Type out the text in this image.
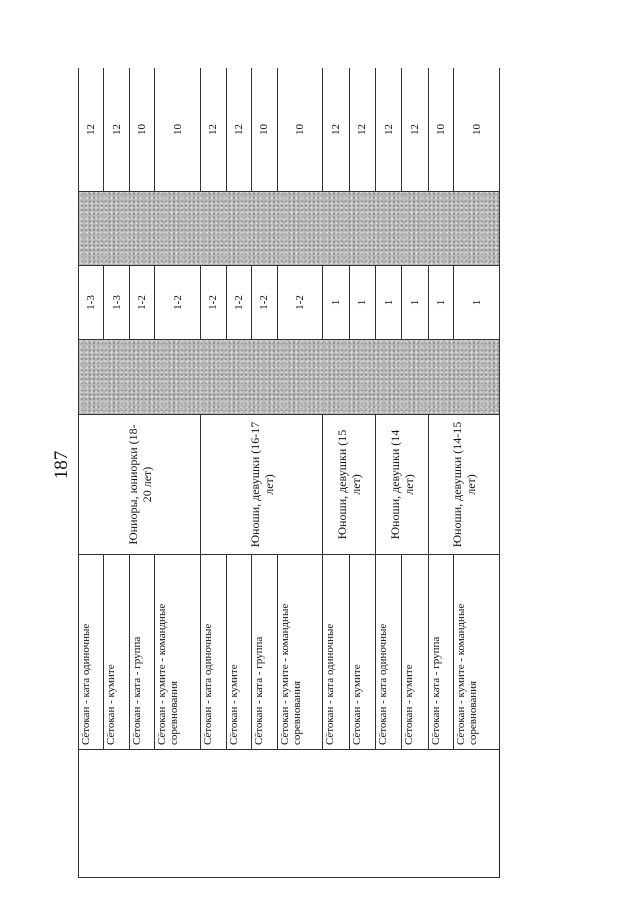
187
	Сётокан - ката одиночные	Юниоры, юниорки (18-20 лет)		1-3		12
	Сётокан - кумите			1-3		12
	Сётокан - ката - группа			1-2		10
	Сётокан - кумите - командные соревнования			1-2		10
	Сётокан - ката одиночные	Юноши, девушки (16-17 лет)		1-2		12
	Сётокан - кумите			1-2		12
	Сётокан - ката - группа			1-2		10
	Сётокан - кумите - командные соревнования			1-2		10
	Сётокан - ката одиночные	Юноши, девушки (15 лет)		1		12
	Сётокан - кумите			1		12
	Сётокан - ката одиночные	Юноши, девушки (14 лет)		1		12
	Сётокан - кумите			1		12
	Сётокан - ката - группа	Юноши, девушки (14-15 лет)		1		10
	Сётокан - кумите - командные соревнования			1		10
